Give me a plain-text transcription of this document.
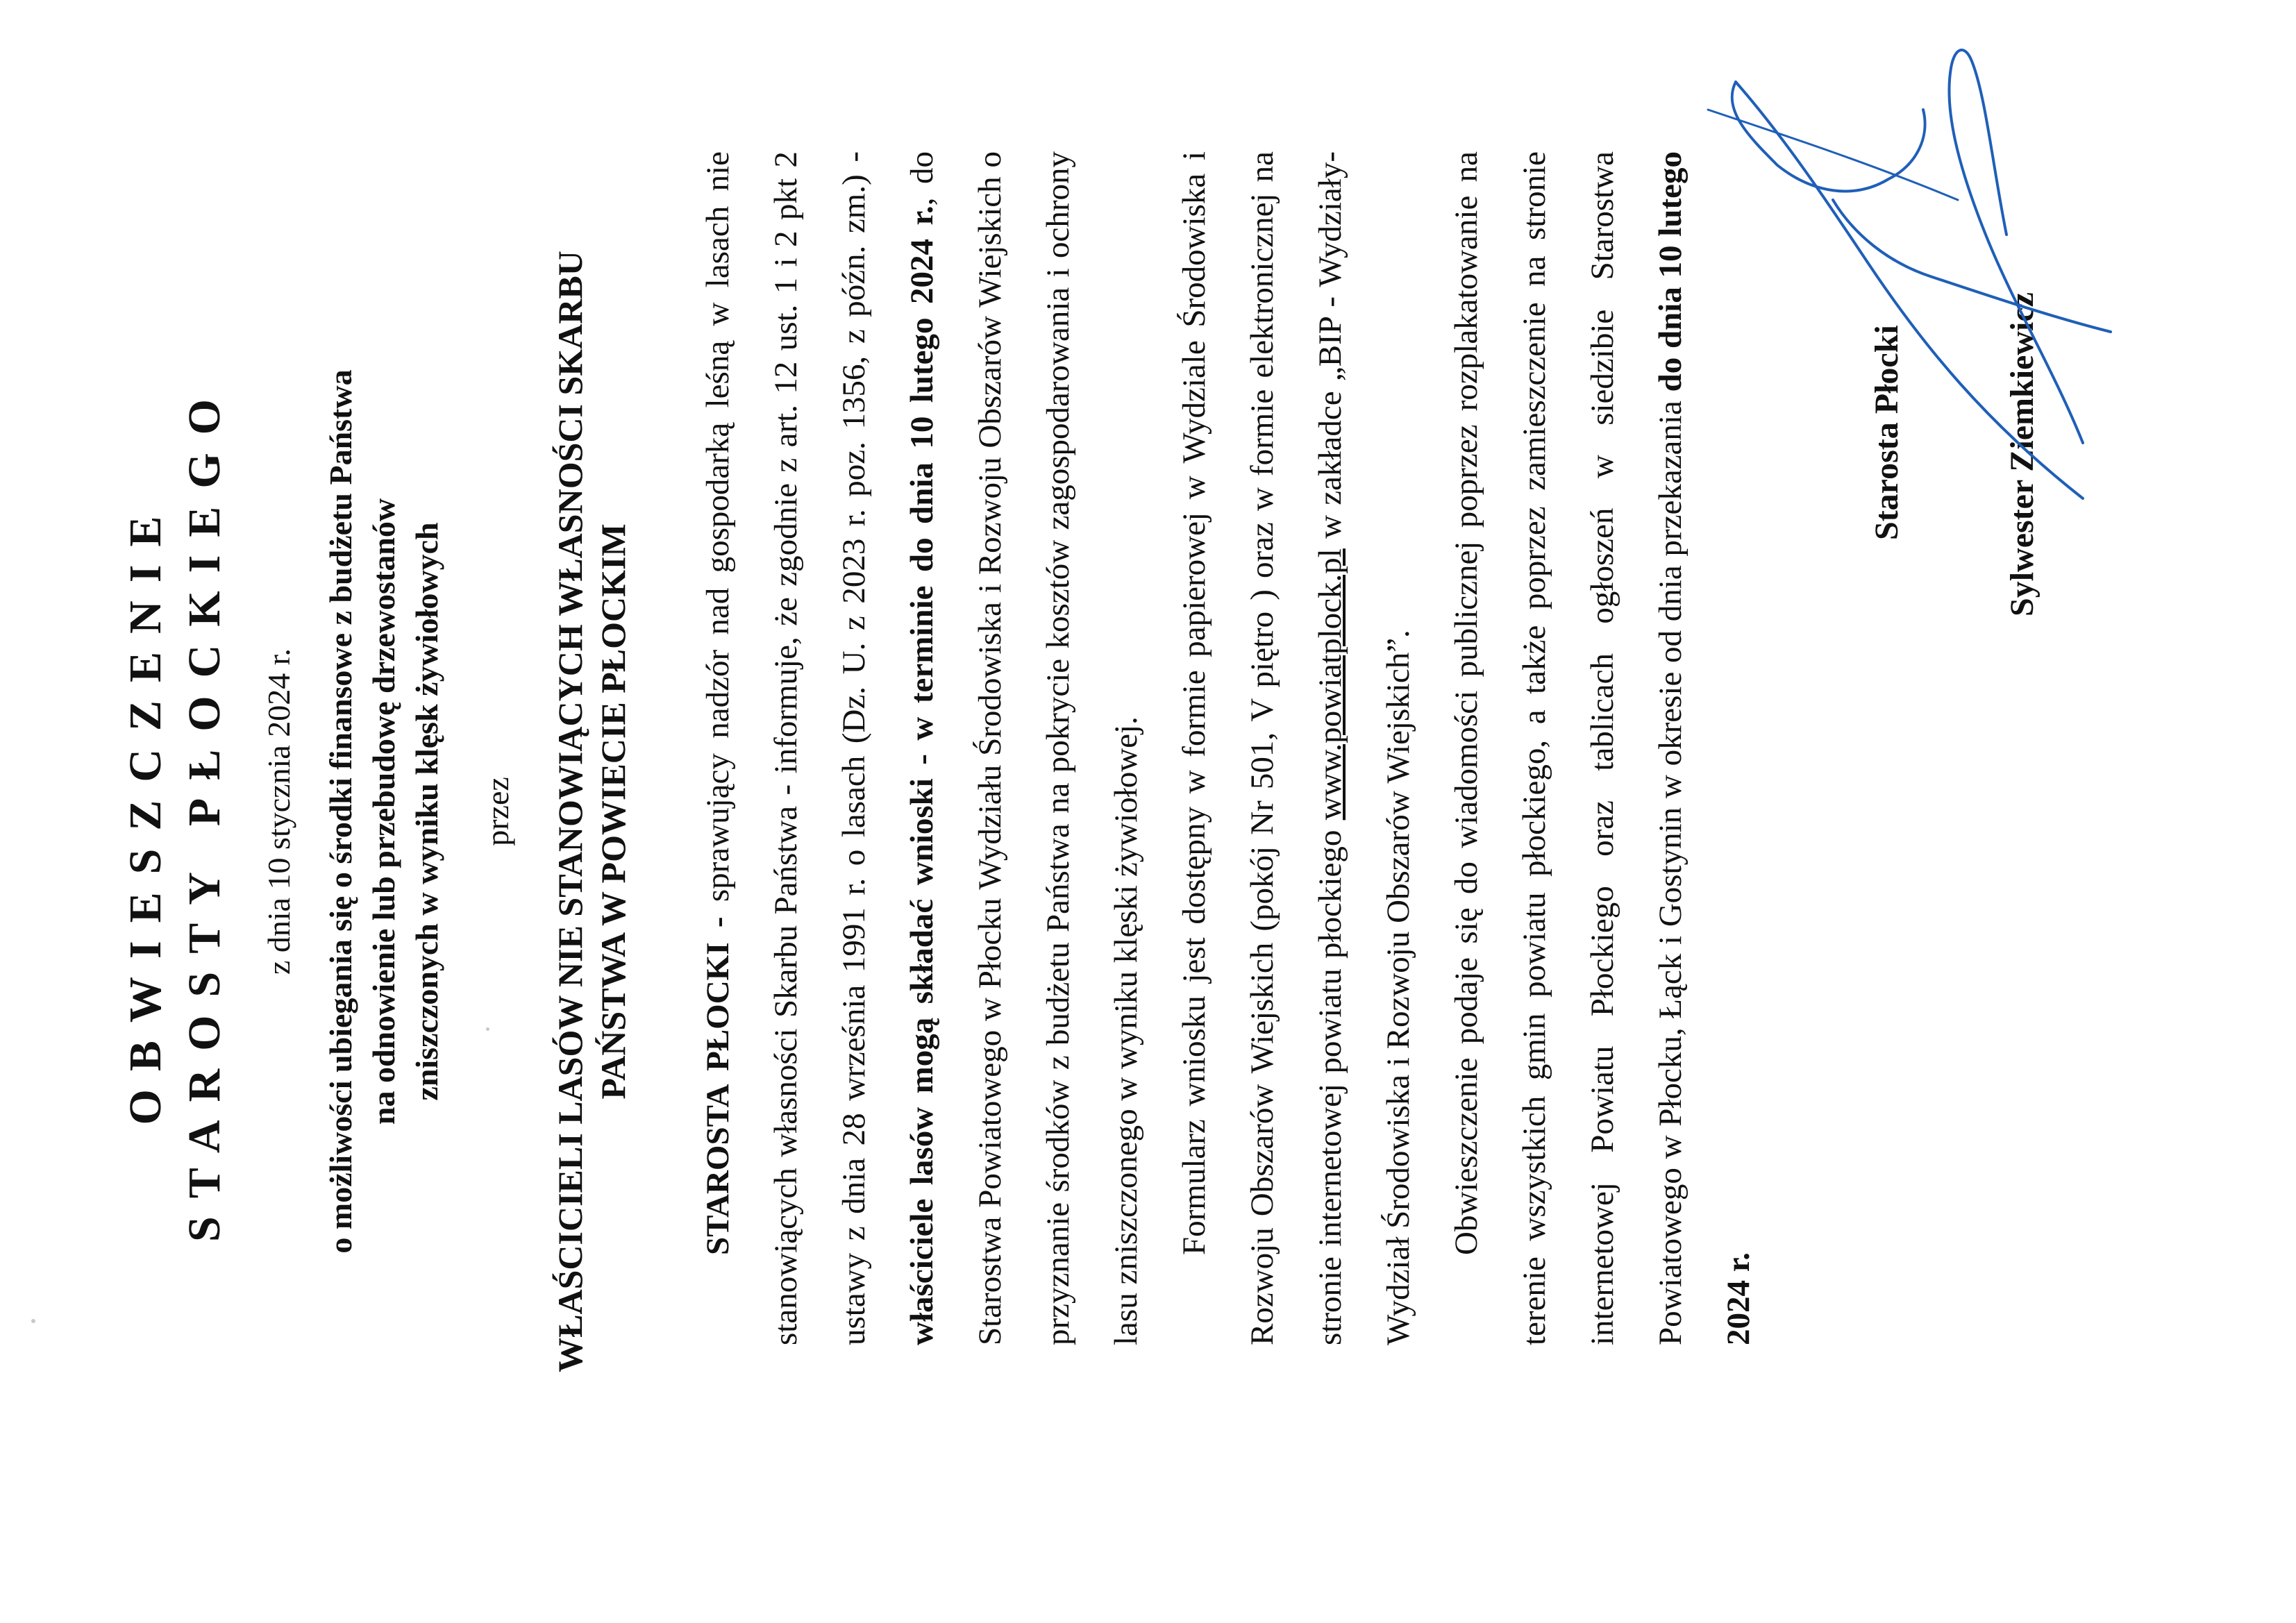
OBWIESZCZENIE STAROSTY PŁOCKIEGO z dnia 10 stycznia 2024 r. o możliwości ubiegania się o środki finansowe z budżetu Państwa na odnowienie lub przebudowę drzewostanów zniszczonych w wyniku klęsk żywiołowych przez WŁAŚCICIELI LASÓW NIE STANOWIĄCYCH WŁASNOŚCI SKARBU PAŃSTWA W POWIECIE PŁOCKIM	STAROSTA PŁOCKI - sprawujący nadzór nad gospodarką leśną w lasach nie stanowiących własności Skarbu Państwa - informuje, że zgodnie z art. 12 ust. 1 i 2 pkt 2 ustawy z dnia 28 września 1991 r. o lasach (Dz. U. z 2023 r. poz. 1356, z późn. zm.) - właściciele lasów mogą składać wnioski - w terminie do dnia 10 lutego 2024 r., do Starostwa Powiatowego w Płocku Wydziału Środowiska i Rozwoju Obszarów Wiejskich o przyznanie środków z budżetu Państwa na pokrycie kosztów zagospodarowania i ochrony lasu zniszczonego w wyniku klęski żywiołowej. Formularz wniosku jest dostępny w formie papierowej w Wydziale Środowiska i Rozwoju Obszarów Wiejskich (pokój Nr 501, V piętro ) oraz w formie elektronicznej na stronie internetowej powiatu płockiego www.powiatplock.pl w zakładce „BIP - Wydziały- Wydział Środowiska i Rozwoju Obszarów Wiejskich”. Obwieszczenie podaje się do wiadomości publicznej poprzez rozplakatowanie na terenie wszystkich gmin powiatu płockiego, a także poprzez zamieszczenie na stronie internetowej Powiatu Płockiego oraz tablicach ogłoszeń w siedzibie Starostwa Powiatowego w Płocku, Łąck i Gostynin w okresie od dnia przekazania do dnia 10 lutego 2024 r.

Starosta Płocki	Sylwester Ziemkiewicz
